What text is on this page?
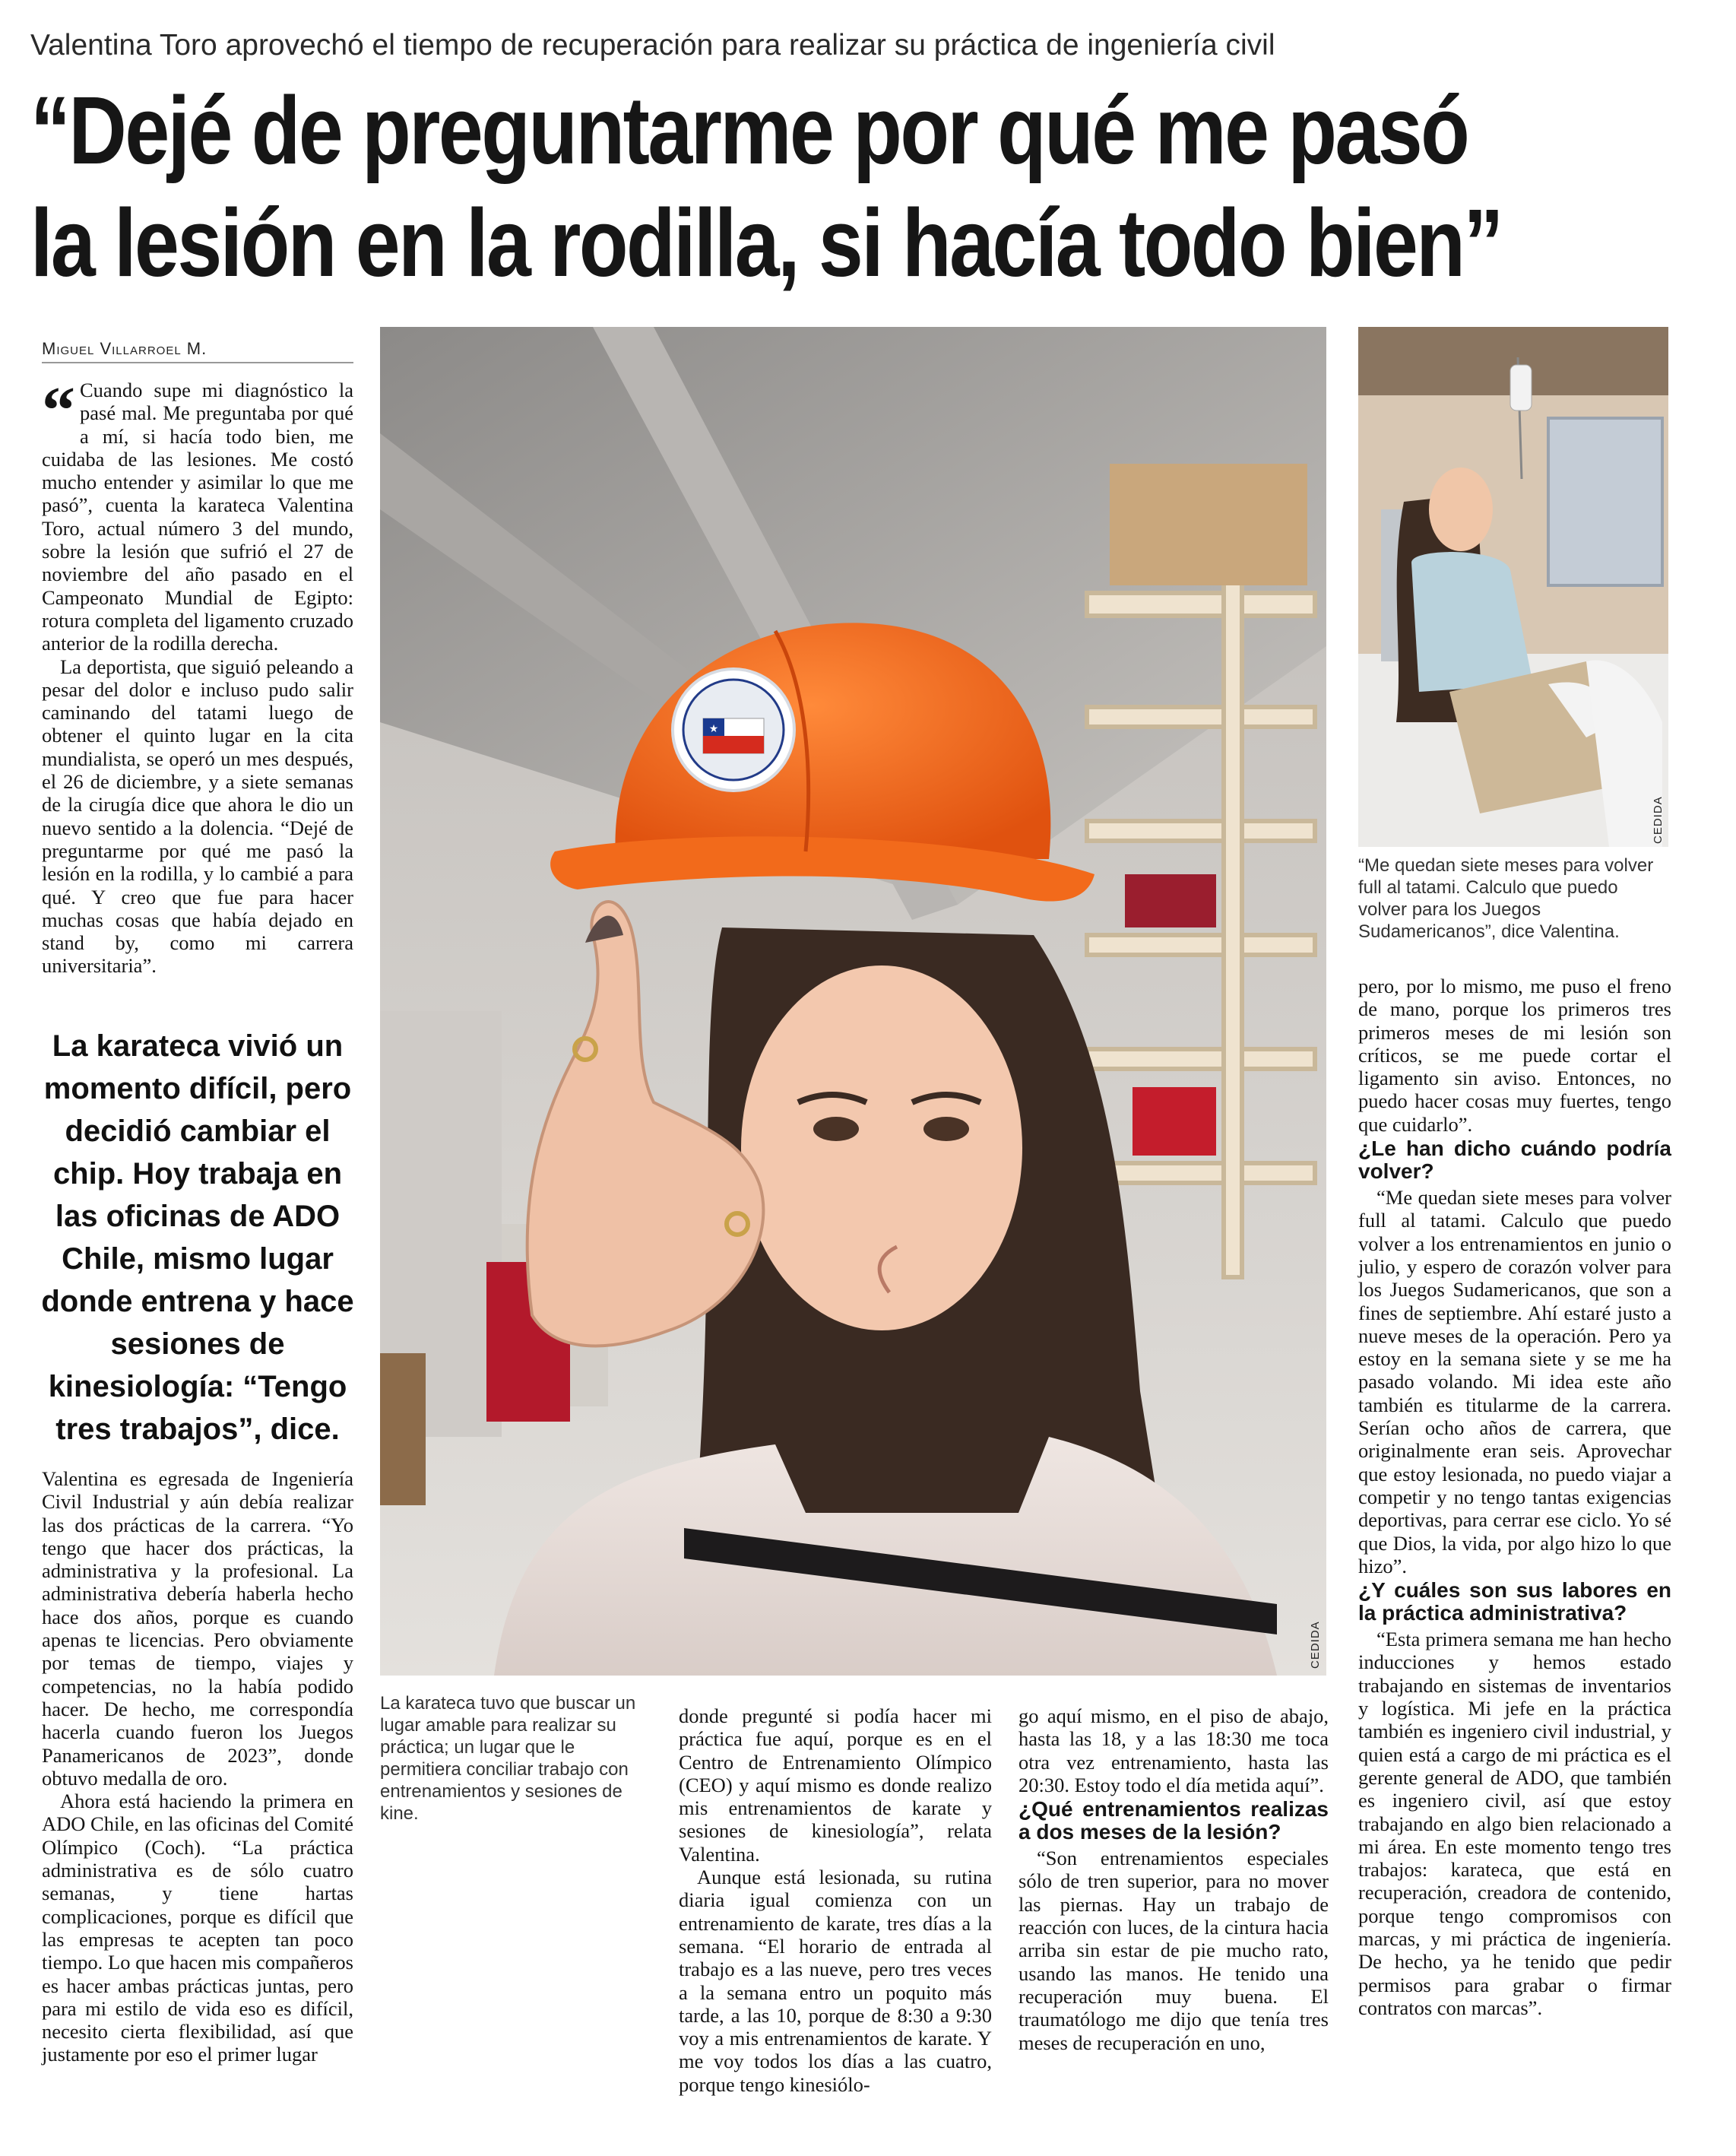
Valentina Toro aprovechó el tiempo de recuperación para realizar su práctica de ingeniería civil
“Dejé de preguntarme por qué me pasó
la lesión en la rodilla, si hacía todo bien”
Miguel Villarroel M.
“ Cuando supe mi diagnóstico la pasé mal. Me preguntaba por qué a mí, si hacía todo bien, me cuidaba de las lesiones. Me costó mucho entender y asimilar lo que me pasó”, cuenta la karateca Valentina Toro, actual número 3 del mundo, sobre la lesión que sufrió el 27 de noviembre del año pasado en el Campeonato Mundial de Egipto: rotura completa del ligamento cruzado anterior de la rodilla derecha.

La deportista, que siguió peleando a pesar del dolor e incluso pudo salir caminando del tatami luego de obtener el quinto lugar en la cita mundialista, se operó un mes después, el 26 de diciembre, y a siete semanas de la cirugía dice que ahora le dio un nuevo sentido a la dolencia. “Dejé de preguntarme por qué me pasó la lesión en la rodilla, y lo cambié a para qué. Y creo que fue para hacer muchas cosas que había dejado en stand by, como mi carrera universitaria”.

La karateca vivió un momento difícil, pero decidió cambiar el chip. Hoy trabaja en las oficinas de ADO Chile, mismo lugar donde entrena y hace sesiones de kinesiología: “Tengo tres trabajos”, dice.

Valentina es egresada de Ingeniería Civil Industrial y aún debía realizar las dos prácticas de la carrera. “Yo tengo que hacer dos prácticas, la administrativa y la profesional. La administrativa debería haberla hecho hace dos años, porque es cuando apenas te licencias. Pero obviamente por temas de tiempo, viajes y competencias, no la había podido hacer. De hecho, me correspondía hacerla cuando fueron los Juegos Panamericanos de 2023”, donde obtuvo medalla de oro.

Ahora está haciendo la primera en ADO Chile, en las oficinas del Comité Olímpico (Coch). “La práctica administrativa es de sólo cuatro semanas, y tiene hartas complicaciones, porque es difícil que las empresas te acepten tan poco tiempo. Lo que hacen mis compañeros es hacer ambas prácticas juntas, pero para mi estilo de vida eso es difícil, necesito cierta flexibilidad, así que justamente por eso el primer lugar

★
CEDIDA
La karateca tuvo que buscar un lugar amable para realizar su práctica; un lugar que le permitiera conciliar trabajo con entrenamientos y sesiones de kine.

donde pregunté si podía hacer mi práctica fue aquí, porque es en el Centro de Entrenamiento Olímpico (CEO) y aquí mismo es donde realizo mis entrenamientos de karate y sesiones de kinesiología”, relata Valentina.

Aunque está lesionada, su rutina diaria igual comienza con un entrenamiento de karate, tres días a la semana. “El horario de entrada al trabajo es a las nueve, pero tres veces a la semana entro un poquito más tarde, a las 10, porque de 8:30 a 9:30 voy a mis entrenamientos de karate. Y me voy todos los días a las cuatro, porque tengo kinesiólo-

go aquí mismo, en el piso de abajo, hasta las 18, y a las 18:30 me toca otra vez entrenamiento, hasta las 20:30. Estoy todo el día metida aquí”.

¿Qué entrenamientos realizas a dos meses de la lesión?

“Son entrenamientos especiales sólo de tren superior, para no mover las piernas. Hay un trabajo de reacción con luces, de la cintura hacia arriba sin estar de pie mucho rato, usando las manos. He tenido una recuperación muy buena. El traumatólogo me dijo que tenía tres meses de recuperación en uno,

CEDIDA
“Me quedan siete meses para volver full al tatami. Calculo que puedo volver para los Juegos Sudamericanos”, dice Valentina.

pero, por lo mismo, me puso el freno de mano, porque los primeros tres primeros meses de mi lesión son críticos, se me puede cortar el ligamento sin aviso. Entonces, no puedo hacer cosas muy fuertes, tengo que cuidarlo”.

¿Le han dicho cuándo podría volver?

“Me quedan siete meses para volver full al tatami. Calculo que puedo volver a los entrenamientos en junio o julio, y espero de corazón volver para los Juegos Sudamericanos, que son a fines de septiembre. Ahí estaré justo a nueve meses de la operación. Pero ya estoy en la semana siete y se me ha pasado volando. Mi idea este año también es titularme de la carrera. Serían ocho años de carrera, que originalmente eran seis. Aprovechar que estoy lesionada, no puedo viajar a competir y no tengo tantas exigencias deportivas, para cerrar ese ciclo. Yo sé que Dios, la vida, por algo hizo lo que hizo”.

¿Y cuáles son sus labores en la práctica administrativa?

“Esta primera semana me han hecho inducciones y hemos estado trabajando en sistemas de inventarios y logística. Mi jefe en la práctica también es ingeniero civil industrial, y quien está a cargo de mi práctica es el gerente general de ADO, que también es ingeniero civil, así que estoy trabajando en algo bien relacionado a mi área. En este momento tengo tres trabajos: karateca, que está en recuperación, creadora de contenido, porque tengo compromisos con marcas, y mi práctica de ingeniería. De hecho, ya he tenido que pedir permisos para grabar o firmar contratos con marcas”.
